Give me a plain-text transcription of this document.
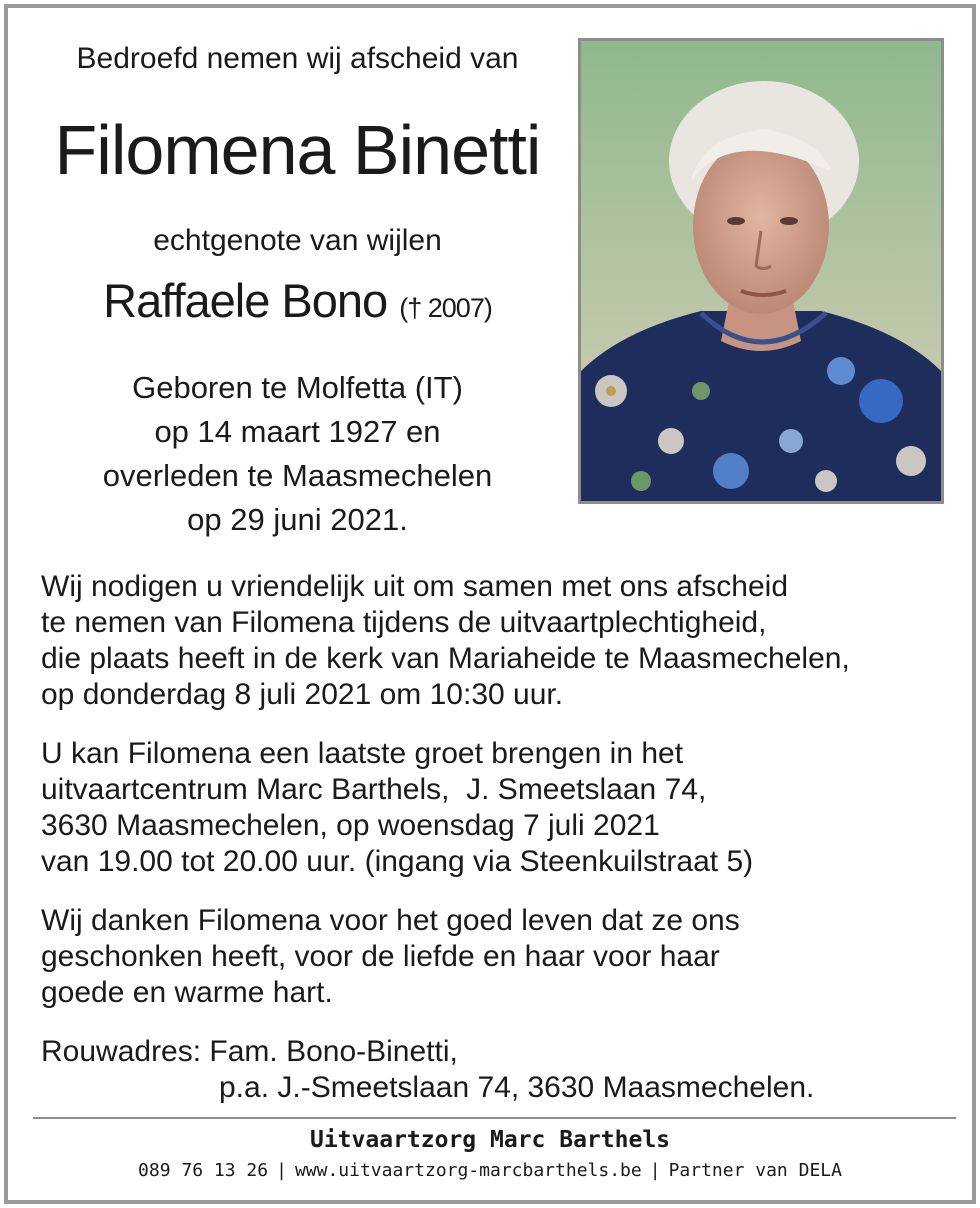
Bedroefd nemen wij afscheid van
Filomena Binetti
echtgenote van wijlen
Raffaele Bono († 2007)
Geboren te Molfetta (IT)
op 14 maart 1927 en
overleden te Maasmechelen
op 29 juni 2021.
Wij nodigen u vriendelijk uit om samen met ons afscheid
te nemen van Filomena tijdens de uitvaartplechtigheid,
die plaats heeft in de kerk van Mariaheide te Maasmechelen,
op donderdag 8 juli 2021 om 10:30 uur.
U kan Filomena een laatste groet brengen in het
uitvaartcentrum Marc Barthels,  J. Smeetslaan 74,
3630 Maasmechelen, op woensdag 7 juli 2021
van 19.00 tot 20.00 uur. (ingang via Steenkuilstraat 5)
Wij danken Filomena voor het goed leven dat ze ons
geschonken heeft, voor de liefde en haar voor haar
goede en warme hart.
Rouwadres: Fam. Bono-Binetti,
p.a. J.-Smeetslaan 74, 3630 Maasmechelen.
Uitvaartzorg Marc Barthels
089 76 13 26 | www.uitvaartzorg-marcbarthels.be | Partner van DELA
